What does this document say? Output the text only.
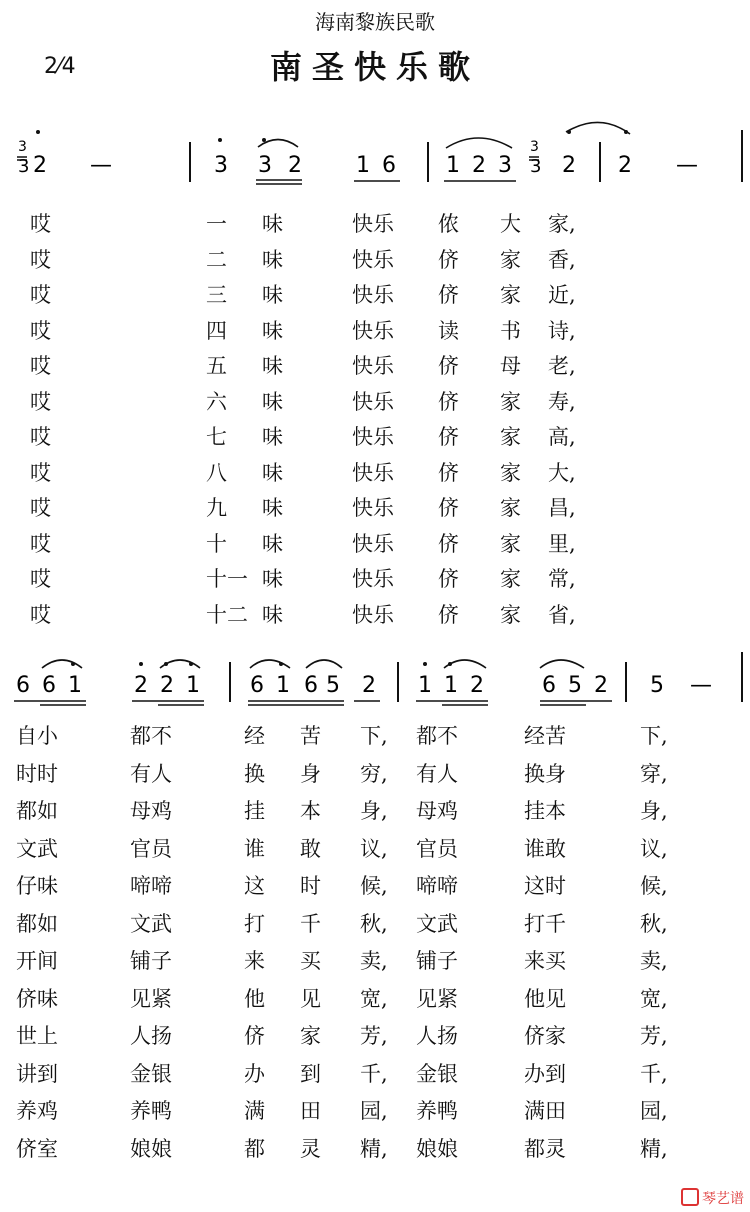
海南黎族民歌
南圣快乐歌
2⁄4
3
3 2 —	3 3 2 1 6 1 2 3
3
3 2 2 —
哎	一 味	快乐 侬 大 家,
哎	二 味	快乐 侪 家 香,
哎	三 味	快乐 侪 家 近,
哎	四 味	快乐 读 书 诗,
哎	五 味	快乐 侪 母 老,
哎	六 味	快乐 侪 家 寿,
哎	七 味	快乐 侪 家 高,
哎	八 味	快乐 侪 家 大,
哎	九 味	快乐 侪 家 昌,
哎	十 味	快乐 侪 家 里,
哎	十一 味	快乐 侪 家 常,
哎	十二 味	快乐 侪 家 省,
6 6 1 2 2 1 6 1 6 5 2 1 1 2	6 5 2 5 —
自小	都不	经 苦 下, 都不	经苦	下,
时时	有人	换 身 穷, 有人	换身	穿,
都如	母鸡	挂 本 身, 母鸡	挂本	身,
文武	官员	谁 敢 议, 官员	谁敢	议,
仔味	啼啼	这 时 候, 啼啼	这时	候,
都如	文武	打 千 秋, 文武	打千	秋,
开间	铺子	来 买 卖, 铺子	来买	卖,
侪味	见紧	他 见 宽, 见紧	他见	宽,
世上	人扬	侪 家 芳, 人扬	侪家	芳,
讲到	金银	办 到 千, 金银	办到	千,
养鸡	养鸭	满 田 园, 养鸭	满田	园,
侪室	娘娘	都 灵 精, 娘娘	都灵	精,
琴艺谱
